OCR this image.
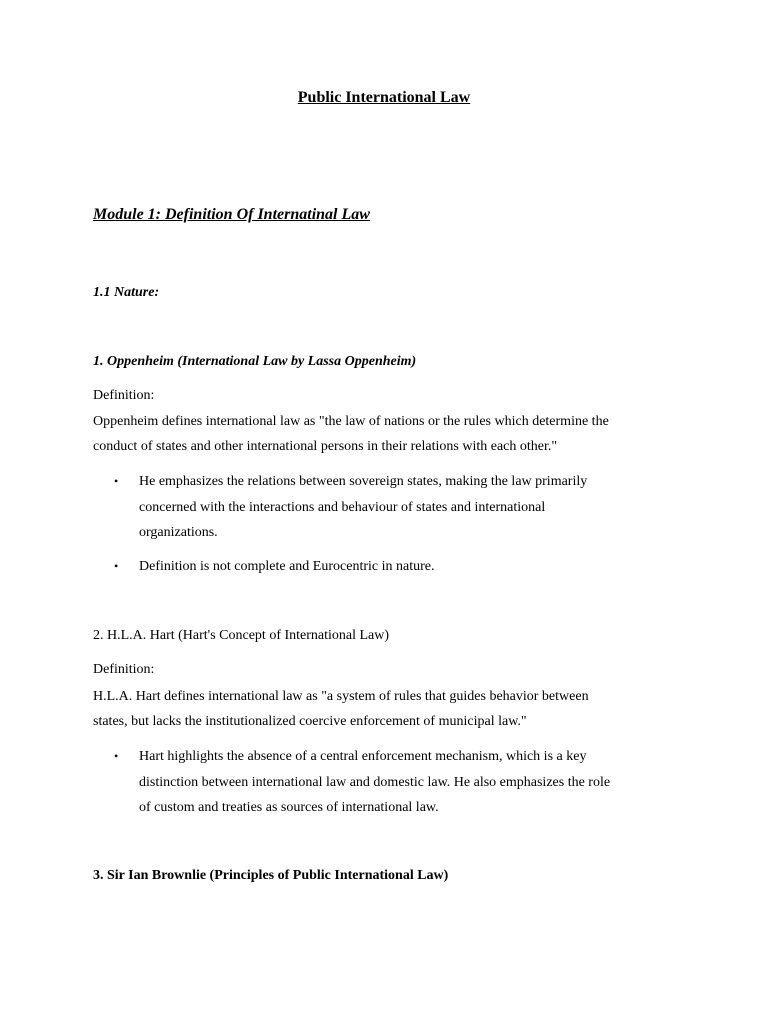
Public International Law
Module 1: Definition Of Internatinal Law

1.1 Nature:

1. Oppenheim (International Law by Lassa Oppenheim)

Definition:

Oppenheim defines international law as "the law of nations or the rules which determine the
conduct of states and other international persons in their relations with each other."

• He emphasizes the relations between sovereign states, making the law primarily
concerned with the interactions and behaviour of states and international
organizations.
• Definition is not complete and Eurocentric in nature.

2. H.L.A. Hart (Hart's Concept of International Law)

Definition:

H.L.A. Hart defines international law as "a system of rules that guides behavior between
states, but lacks the institutionalized coercive enforcement of municipal law."

• Hart highlights the absence of a central enforcement mechanism, which is a key
distinction between international law and domestic law. He also emphasizes the role
of custom and treaties as sources of international law.

3. Sir Ian Brownlie (Principles of Public International Law)
